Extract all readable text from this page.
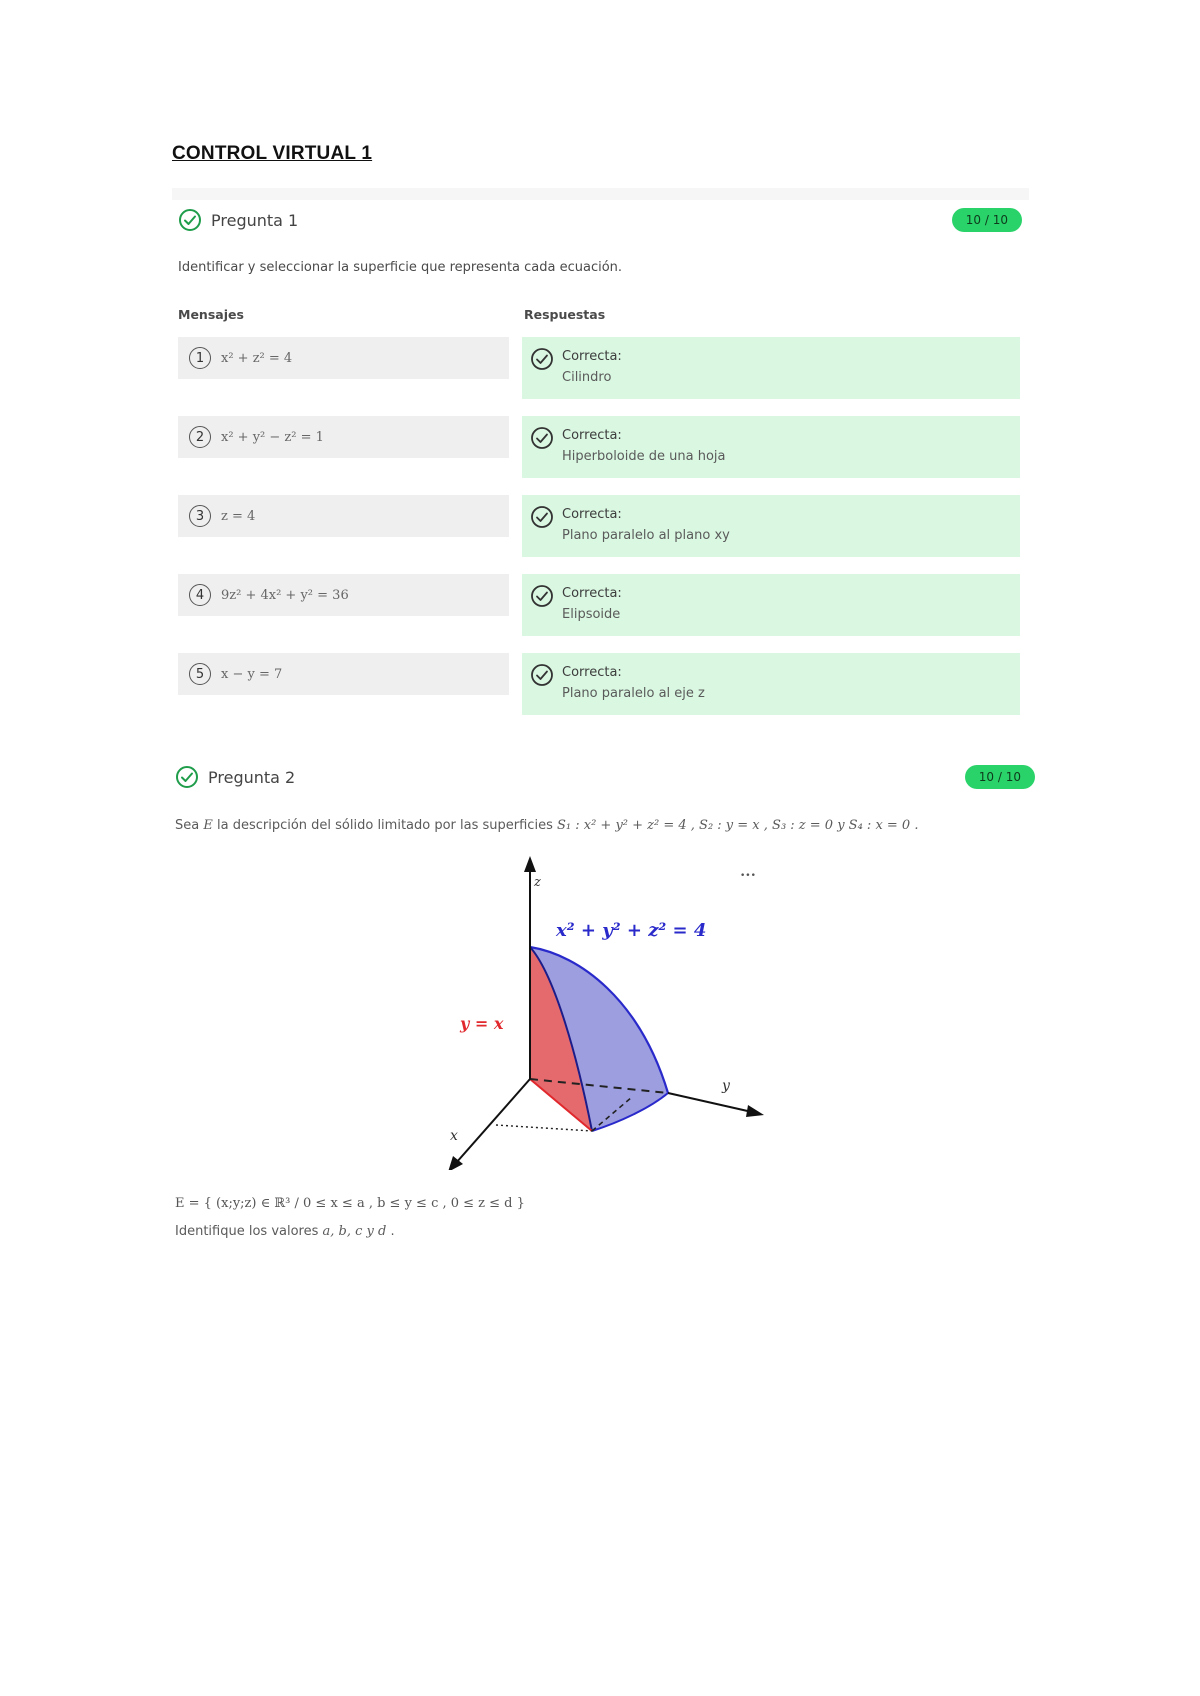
CONTROL VIRTUAL 1
Pregunta 1	10 / 10
Identificar y seleccionar la superficie que representa cada ecuación.
Mensajes	Respuestas
1	x² + z² = 4	Correcta:
Cilindro
2	x² + y² − z² = 1	Correcta:
Hiperboloide de una hoja
3	z = 4	Correcta:
Plano paralelo al plano xy
4	9z² + 4x² + y² = 36	Correcta:
Elipsoide
5	x − y = 7	Correcta:
Plano paralelo al eje z
Pregunta 2	10 / 10
Sea E la descripción del sólido limitado por las superficies S₁ : x² + y² + z² = 4 , S₂ : y = x , S₃ : z = 0 y S₄ : x = 0 .
z
y
x
x² + y² + z² = 4
y = x
•••
E = { (x;y;z) ∈ ℝ³ / 0 ≤ x ≤ a , b ≤ y ≤ c , 0 ≤ z ≤ d }
Identifique los valores a, b, c y d .
